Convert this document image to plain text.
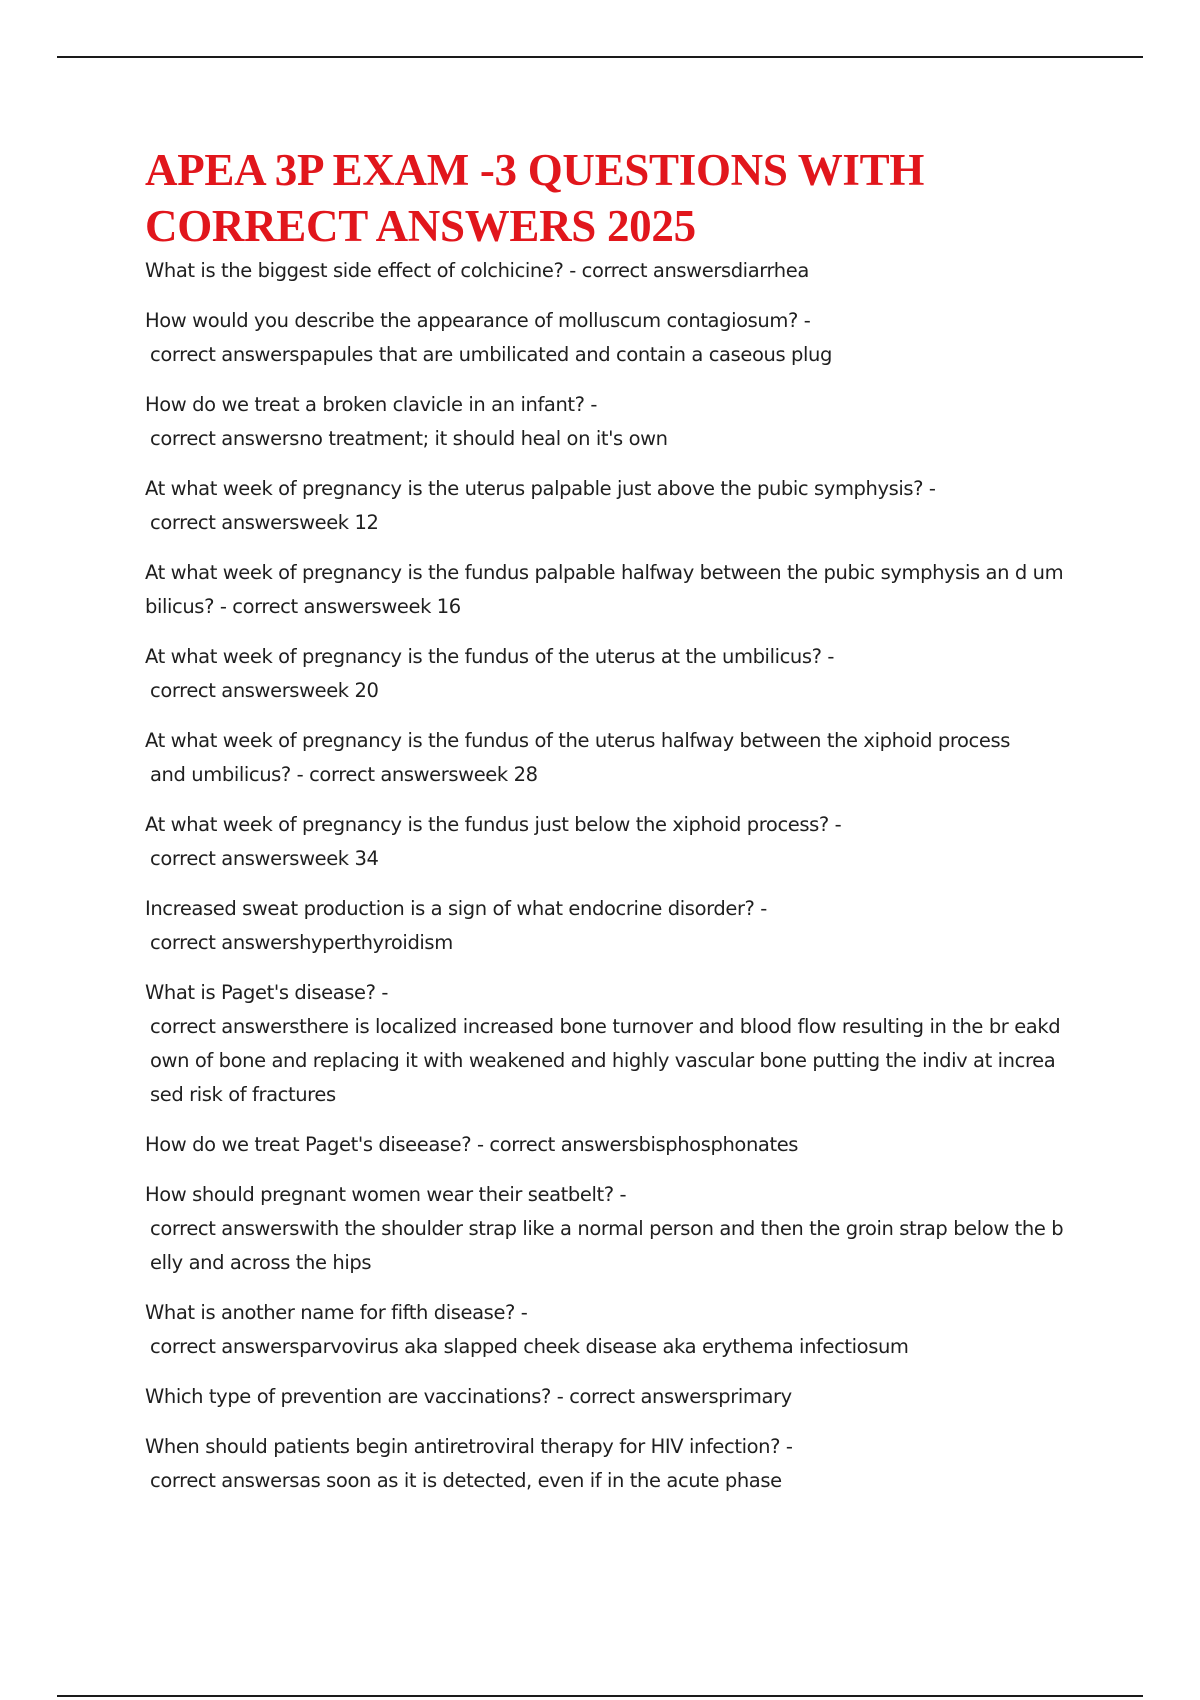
APEA 3P EXAM -3 QUESTIONS WITH CORRECT ANSWERS 2025

What is the biggest side effect of colchicine? - correct answersdiarrhea

How would you describe the appearance of molluscum contagiosum? -
correct answerspapules that are umbilicated and contain a caseous plug

How do we treat a broken clavicle in an infant? -
correct answersno treatment; it should heal on it's own

At what week of pregnancy is the uterus palpable just above the pubic symphysis? -
correct answersweek 12

At what week of pregnancy is the fundus palpable halfway between the pubic symphysis an d umbilicus? - correct answersweek 16

At what week of pregnancy is the fundus of the uterus at the umbilicus? -
correct answersweek 20

At what week of pregnancy is the fundus of the uterus halfway between the xiphoid process
and umbilicus? - correct answersweek 28

At what week of pregnancy is the fundus just below the xiphoid process? -
correct answersweek 34

Increased sweat production is a sign of what endocrine disorder? -
correct answershyperthyroidism

What is Paget's disease? -
correct answersthere is localized increased bone turnover and blood flow resulting in the br eakdown of bone and replacing it with weakened and highly vascular bone putting the indiv at increased risk of fractures

How do we treat Paget's diseease? - correct answersbisphosphonates

How should pregnant women wear their seatbelt? -
correct answerswith the shoulder strap like a normal person and then the groin strap below the belly and across the hips

What is another name for fifth disease? -
correct answersparvovirus aka slapped cheek disease aka erythema infectiosum

Which type of prevention are vaccinations? - correct answersprimary

When should patients begin antiretroviral therapy for HIV infection? -
correct answersas soon as it is detected, even if in the acute phase
